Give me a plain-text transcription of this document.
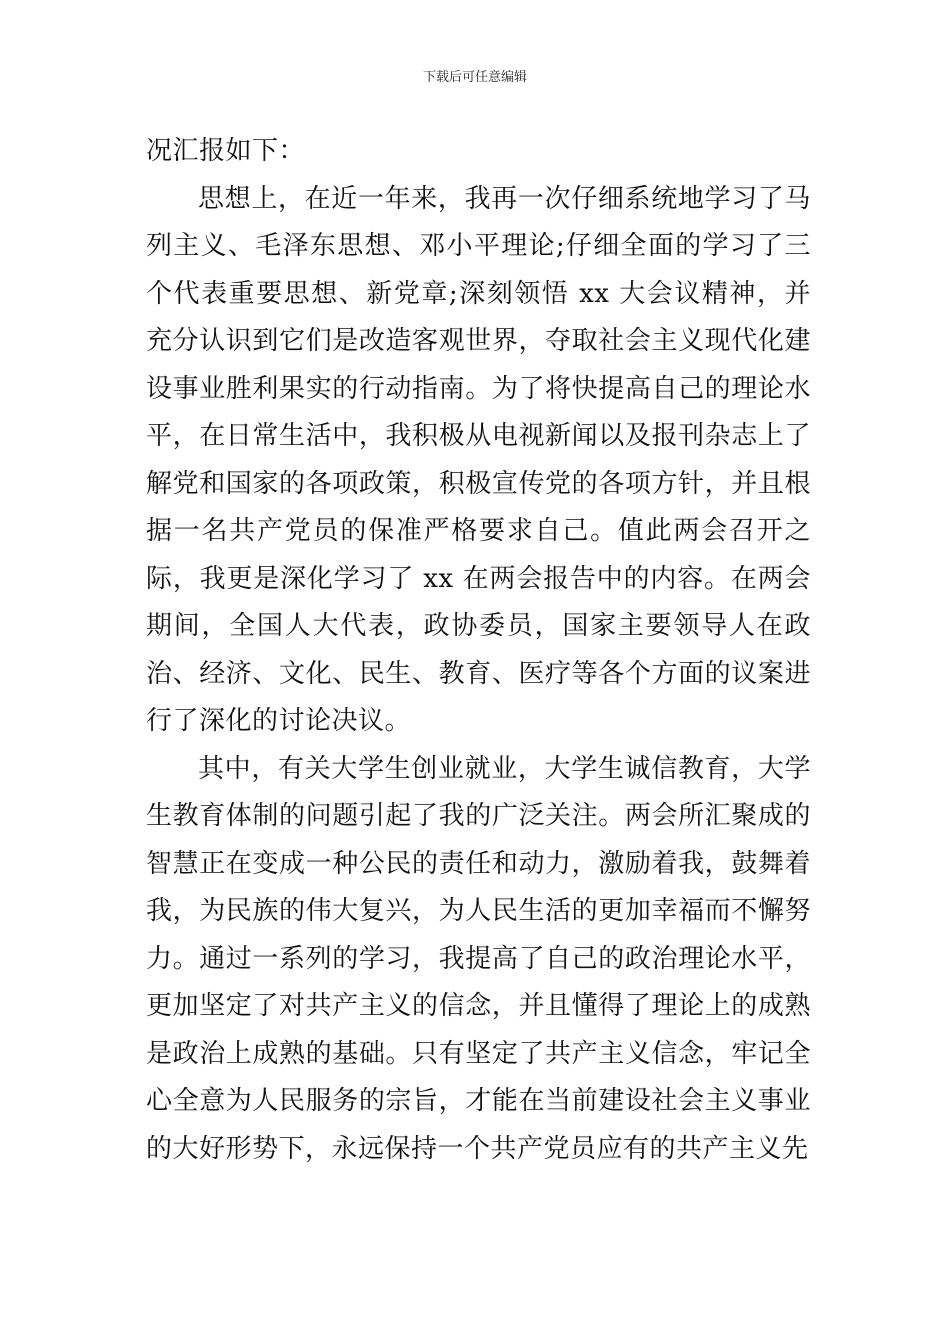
下载后可任意编辑

况汇报如下：

思想上，在近一年来，我再一次仔细系统地学习了马列主义、毛泽东思想、邓小平理论;仔细全面的学习了三个代表重要思想、新党章;深刻领悟 xx 大会议精神，并充分认识到它们是改造客观世界，夺取社会主义现代化建设事业胜利果实的行动指南。为了将快提高自己的理论水平，在日常生活中，我积极从电视新闻以及报刊杂志上了解党和国家的各项政策，积极宣传党的各项方针，并且根据一名共产党员的保准严格要求自己。值此两会召开之际，我更是深化学习了 xx 在两会报告中的内容。在两会期间，全国人大代表，政协委员，国家主要领导人在政治、经济、文化、民生、教育、医疗等各个方面的议案进行了深化的讨论决议。

其中，有关大学生创业就业，大学生诚信教育，大学生教育体制的问题引起了我的广泛关注。两会所汇聚成的智慧正在变成一种公民的责任和动力，激励着我，鼓舞着我，为民族的伟大复兴，为人民生活的更加幸福而不懈努力。通过一系列的学习，我提高了自己的政治理论水平，更加坚定了对共产主义的信念，并且懂得了理论上的成熟是政治上成熟的基础。只有坚定了共产主义信念，牢记全心全意为人民服务的宗旨，才能在当前建设社会主义事业的大好形势下，永远保持一个共产党员应有的共产主义先
